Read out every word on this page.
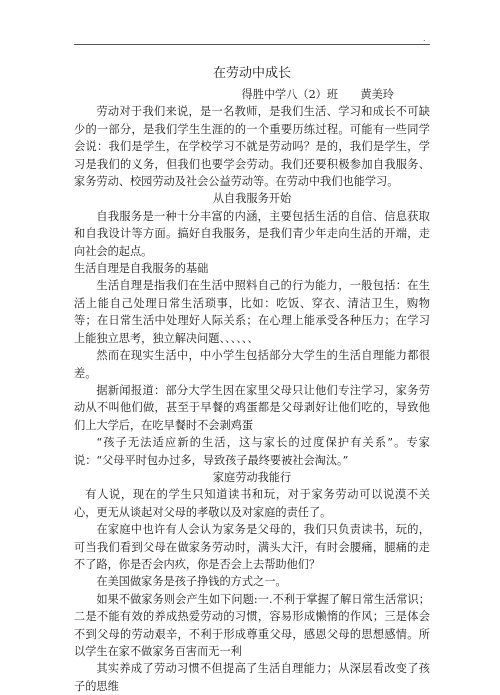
.
在劳动中成长
得胜中学八（2）班　　黄美玲

劳动对于我们来说，是一名教师，是我们生活、学习和成长不可缺少的一部分，是我们学生生涯的的一个重要历练过程。可能有一些同学会说：我们是学生，在学校学习不就是劳动吗？是的，我们是学生，学习是我们的义务，但我们也要学会劳动。我们还要积极参加自我服务、家务劳动、校园劳动及社会公益劳动等。在劳动中我们也能学习。

从自我服务开始

自我服务是一种十分丰富的内涵，主要包括生活的自信、信息获取和自我设计等方面。搞好自我服务，是我们青少年走向生活的开端，走向社会的起点。

生活自理是自我服务的基础

生活自理是指我们在生活中照料自己的行为能力，一般包括：在生活上能自己处理日常生活琐事，比如：吃饭、穿衣、清洁卫生，购物等；在日常生活中处理好人际关系；在心理上能承受各种压力；在学习上能独立思考，独立解决问题、、、、、、

然而在现实生活中，中小学生包括部分大学生的生活自理能力都很差。

据新闻报道：部分大学生因在家里父母只让他们专注学习，家务劳动从不叫他们做，甚至于早餐的鸡蛋都是父母剥好让他们吃的，导致他们上大学后，在吃早餐时不会剥鸡蛋

“孩子无法适应新的生活，这与家长的过度保护有关系”。专家说：“父母平时包办过多，导致孩子最终要被社会淘汰。”

家庭劳动我能行

有人说，现在的学生只知道读书和玩，对于家务劳动可以说漠不关心，更无从谈起对父母的孝敬以及对家庭的责任了。

在家庭中也许有人会认为家务是父母的，我们只负责读书，玩的，可当我们看到父母在做家务劳动时，满头大汗，有时会腰痛，腿痛的走不了路，你是否会内疚，你是否会上去帮助他们？

在美国做家务是孩子挣钱的方式之一。

如果不做家务则会产生如下问题:一.不利于掌握了解日常生活常识；二是不能有效的养成热爱劳动的习惯，容易形成懒惰的作风；三是体会不到父母的劳动艰辛，不利于形成尊重父母，感恩父母的思想感情。所以学生在家不做家务百害而无一利

其实养成了劳动习惯不但提高了生活自理能力；从深层看改变了孩子的思维
